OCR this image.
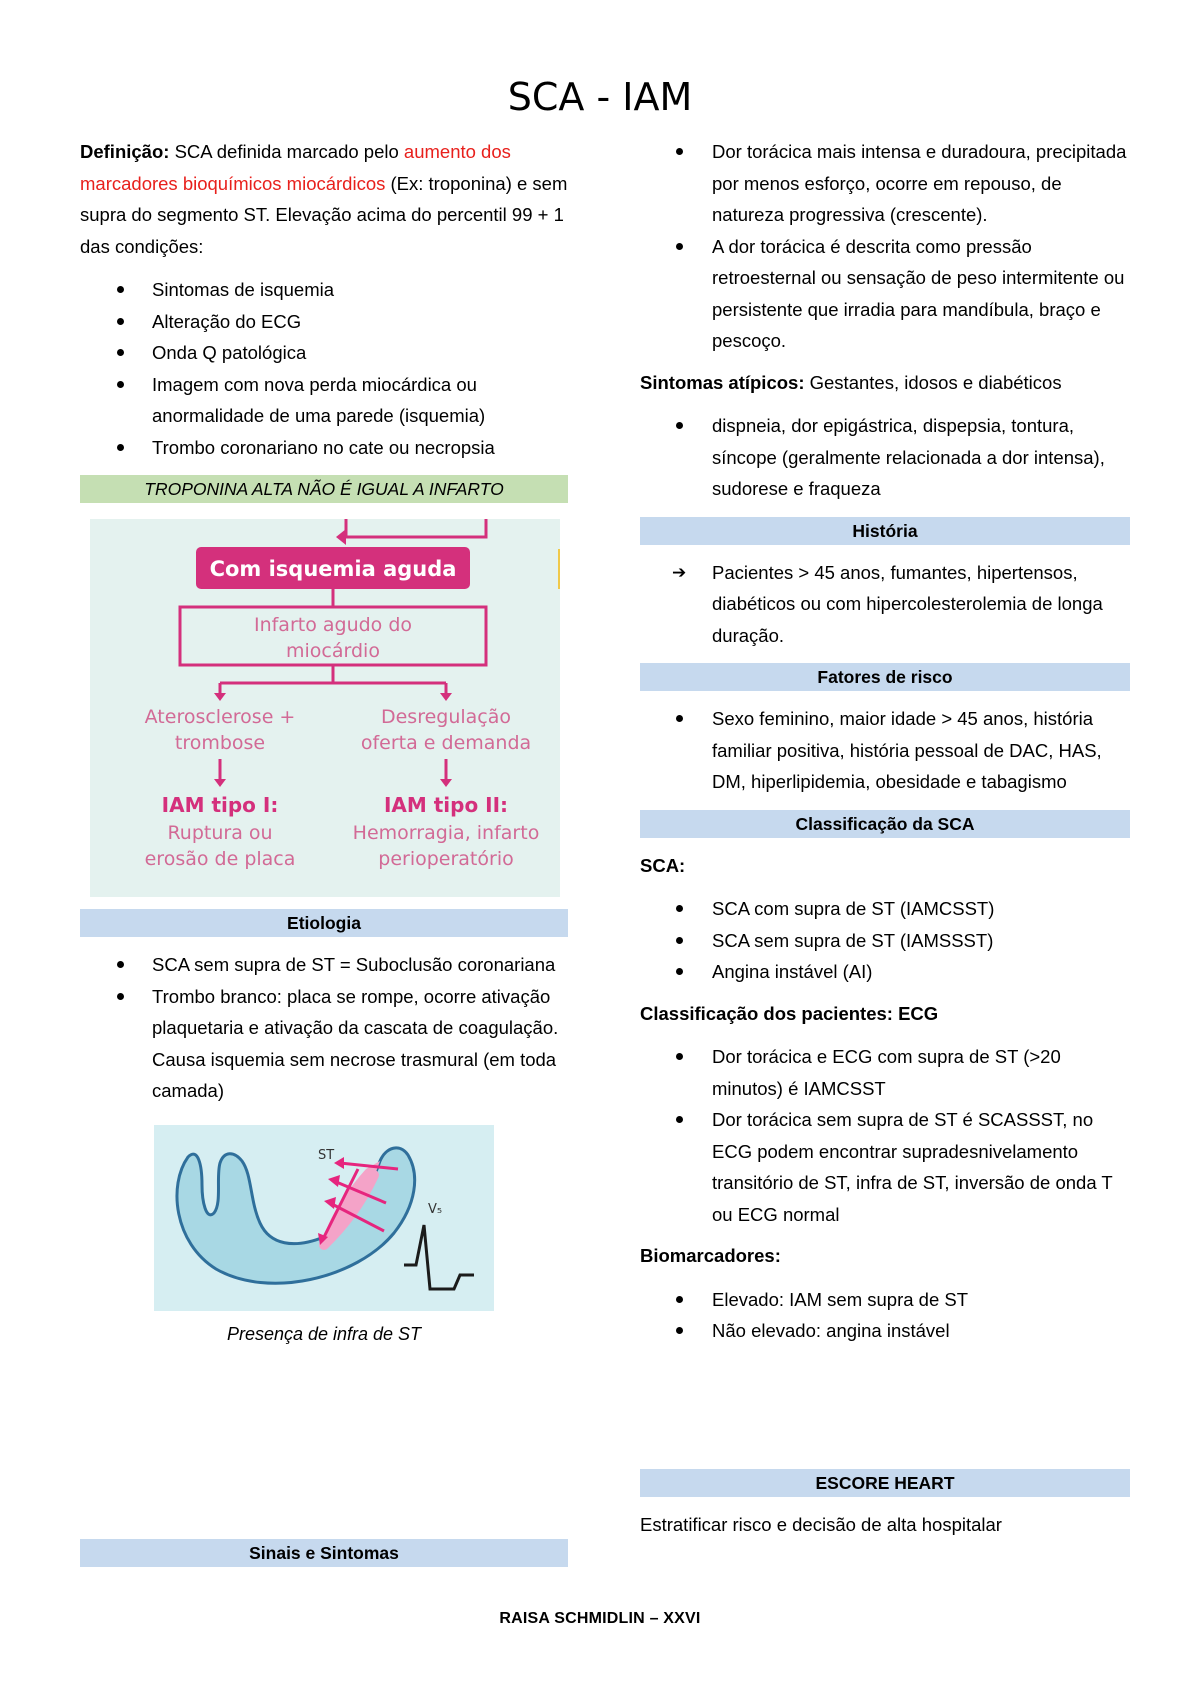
SCA - IAM

Definição: SCA definida marcado pelo aumento dos marcadores bioquímicos miocárdicos (Ex: troponina) e sem supra do segmento ST. Elevação acima do percentil 99 + 1 das condições:

Sintomas de isquemia
Alteração do ECG
Onda Q patológica
Imagem com nova perda miocárdica ou anormalidade de uma parede (isquemia)
Trombo coronariano no cate ou necropsia
TROPONINA ALTA NÃO É IGUAL A INFARTO
Com isquemia aguda
Infarto agudo do
miocárdio
Aterosclerose +
trombose
Desregulação
oferta e demanda
IAM tipo I:
Ruptura ou
erosão de placa
IAM tipo II:
Hemorragia, infarto
perioperatório
Etiologia
SCA sem supra de ST = Suboclusão coronariana
Trombo branco: placa se rompe, ocorre ativação plaquetaria e ativação da cascata de coagulação. Causa isquemia sem necrose trasmural (em toda camada)
ST
V₅
Presença de infra de ST
Sinais e Sintomas
Dor torácica mais intensa e duradoura, precipitada por menos esforço, ocorre em repouso, de natureza progressiva (crescente).
A dor torácica é descrita como pressão retroesternal ou sensação de peso intermitente ou persistente que irradia para mandíbula, braço e pescoço.

Sintomas atípicos: Gestantes, idosos e diabéticos

dispneia, dor epigástrica, dispepsia, tontura, síncope (geralmente relacionada a dor intensa), sudorese e fraqueza
História
➔ Pacientes > 45 anos, fumantes, hipertensos, diabéticos ou com hipercolesterolemia de longa duração.
Fatores de risco
Sexo feminino, maior idade > 45 anos, história familiar positiva, história pessoal de DAC, HAS, DM, hiperlipidemia, obesidade e tabagismo
Classificação da SCA

SCA:

SCA com supra de ST (IAMCSST)
SCA sem supra de ST (IAMSSST)
Angina instável (AI)

Classificação dos pacientes: ECG

Dor torácica e ECG com supra de ST (>20 minutos) é IAMCSST
Dor torácica sem supra de ST é SCASSST, no ECG podem encontrar supradesnivelamento transitório de ST, infra de ST, inversão de onda T ou ECG normal

Biomarcadores:

Elevado: IAM sem supra de ST
Não elevado: angina instável
ESCORE HEART

Estratificar risco e decisão de alta hospitalar

RAISA SCHMIDLIN – XXVI
